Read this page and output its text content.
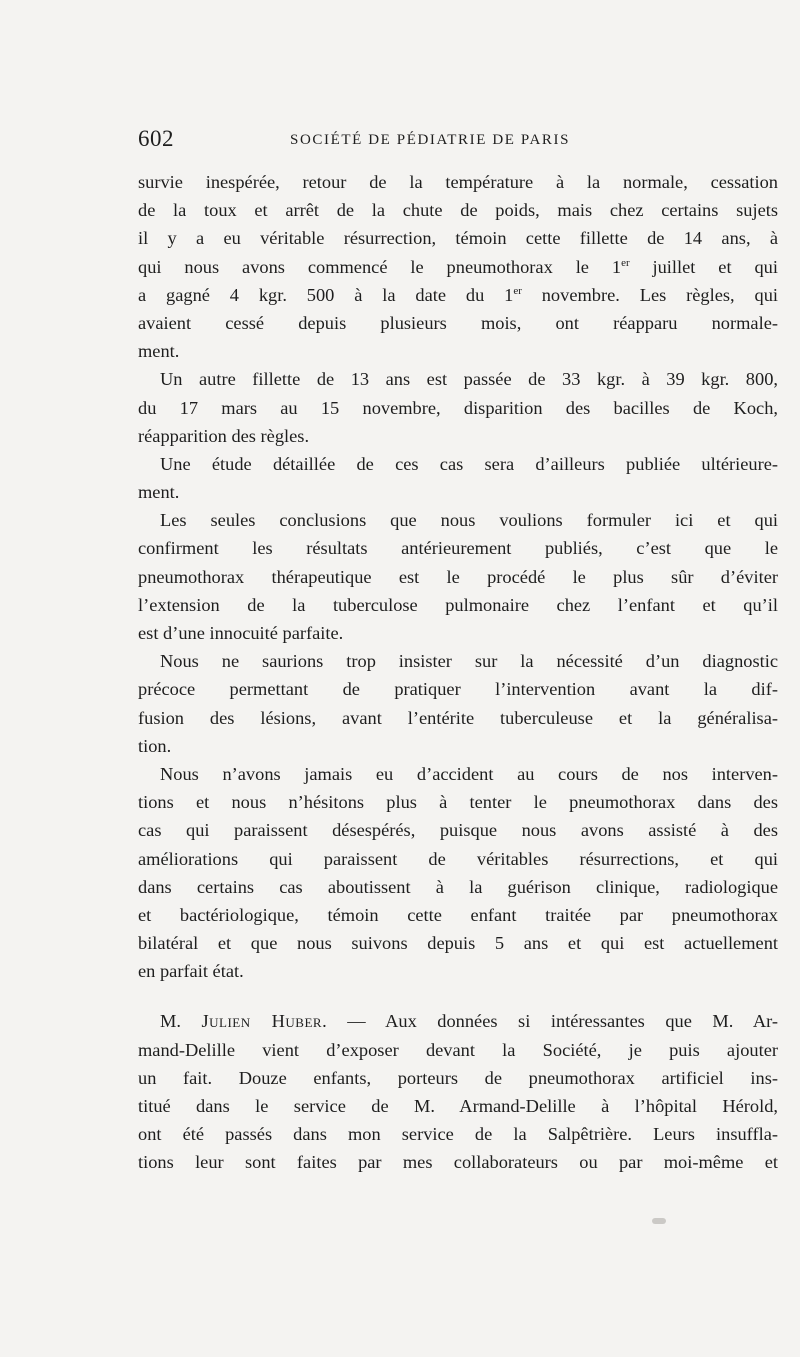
602	SOCIÉTÉ DE PÉDIATRIE DE PARIS
survie inespérée, retour de la température à la normale, cessation
de la toux et arrêt de la chute de poids, mais chez certains sujets
il y a eu véritable résurrection, témoin cette fillette de 14 ans, à
qui nous avons commencé le pneumothorax le 1er juillet et qui
a gagné 4 kgr. 500 à la date du 1er novembre. Les règles, qui
avaient cessé depuis plusieurs mois, ont réapparu normale-
ment.
Un autre fillette de 13 ans est passée de 33 kgr. à 39 kgr. 800,
du 17 mars au 15 novembre, disparition des bacilles de Koch,
réapparition des règles.
Une étude détaillée de ces cas sera d’ailleurs publiée ultérieure-
ment.
Les seules conclusions que nous voulions formuler ici et qui
confirment les résultats antérieurement publiés, c’est que le
pneumothorax thérapeutique est le procédé le plus sûr d’éviter
l’extension de la tuberculose pulmonaire chez l’enfant et qu’il
est d’une innocuité parfaite.
Nous ne saurions trop insister sur la nécessité d’un diagnostic
précoce permettant de pratiquer l’intervention avant la dif-
fusion des lésions, avant l’entérite tuberculeuse et la généralisa-
tion.
Nous n’avons jamais eu d’accident au cours de nos interven-
tions et nous n’hésitons plus à tenter le pneumothorax dans des
cas qui paraissent désespérés, puisque nous avons assisté à des
améliorations qui paraissent de véritables résurrections, et qui
dans certains cas aboutissent à la guérison clinique, radiologique
et bactériologique, témoin cette enfant traitée par pneumothorax
bilatéral et que nous suivons depuis 5 ans et qui est actuellement
en parfait état.
M. Julien Huber. — Aux données si intéressantes que M. Ar-
mand-Delille vient d’exposer devant la Société, je puis ajouter
un fait. Douze enfants, porteurs de pneumothorax artificiel ins-
titué dans le service de M. Armand-Delille à l’hôpital Hérold,
ont été passés dans mon service de la Salpêtrière. Leurs insuffla-
tions leur sont faites par mes collaborateurs ou par moi-même et
